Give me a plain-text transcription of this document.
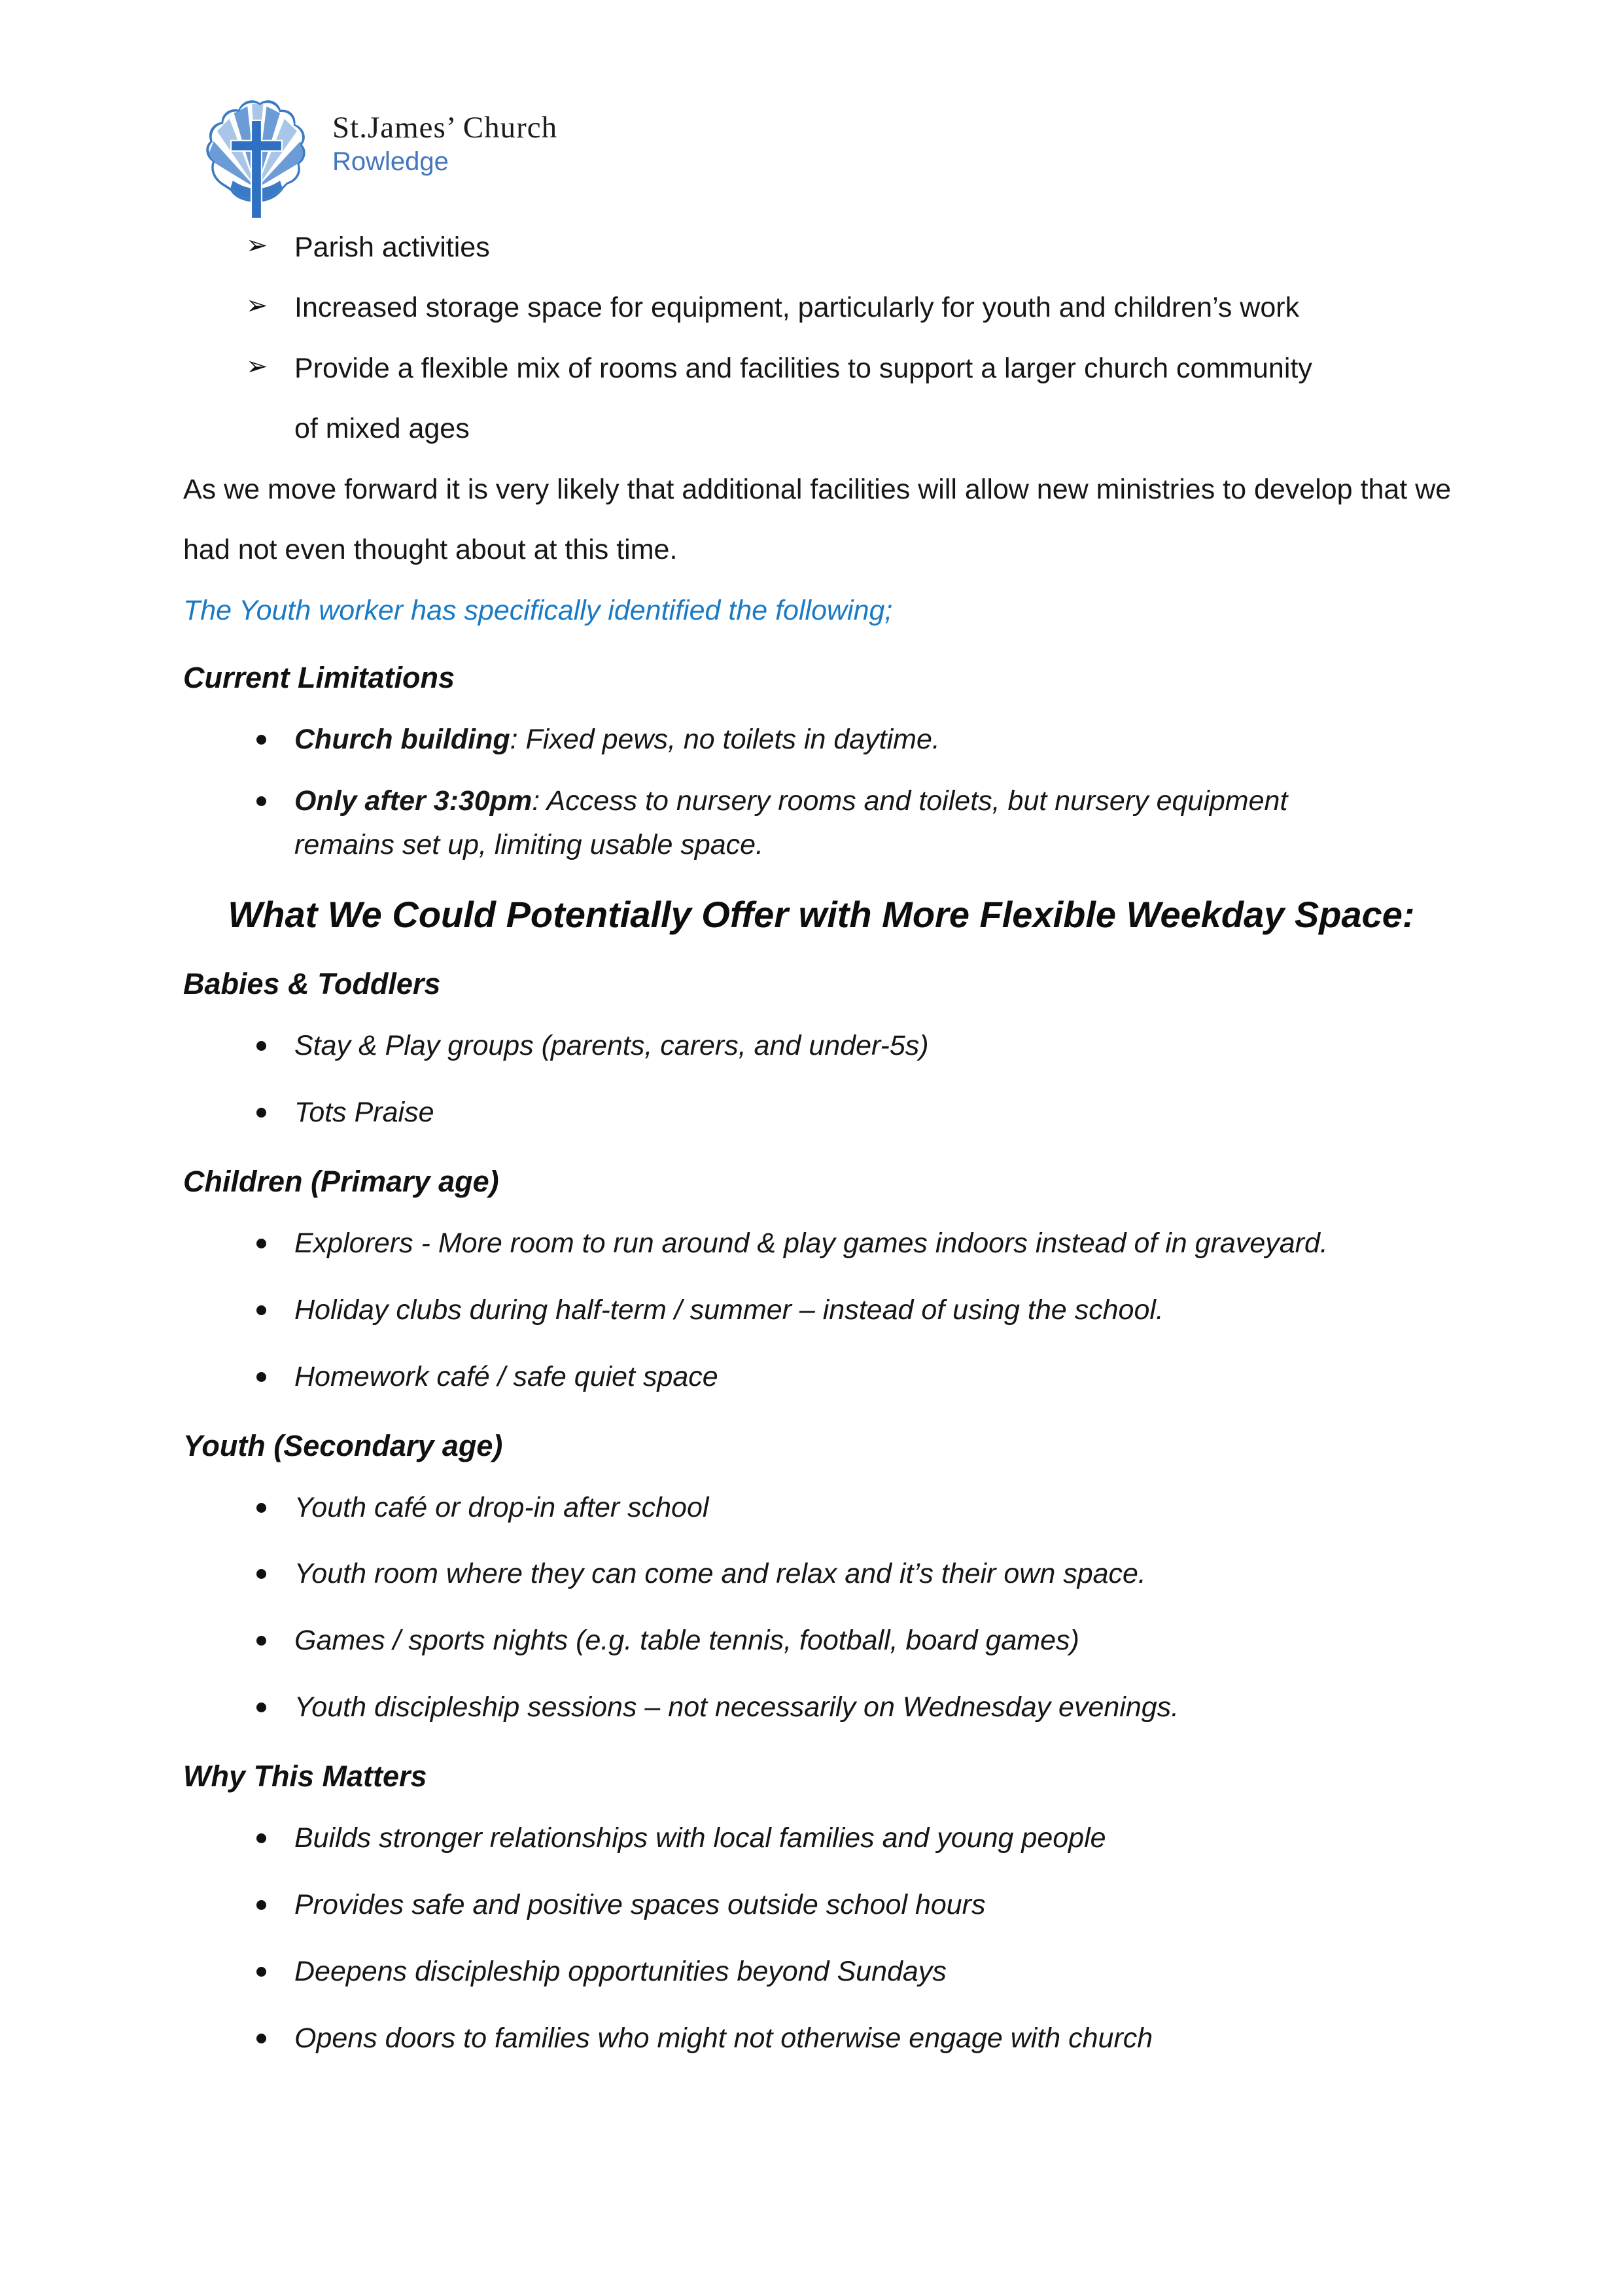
St.James’ Church
Rowledge
➢ Parish activities
➢ Increased storage space for equipment, particularly for youth and children’s work
➢ Provide a flexible mix of rooms and facilities to support a larger church community of mixed ages

As we move forward it is very likely that additional facilities will allow new ministries to develop that we had not even thought about at this time.

The Youth worker has specifically identified the following;

Current Limitations
Church building: Fixed pews, no toilets in daytime.
Only after 3:30pm: Access to nursery rooms and toilets, but nursery equipment remains set up, limiting usable space.
What We Could Potentially Offer with More Flexible Weekday Space:
Babies & Toddlers
Stay & Play groups (parents, carers, and under-5s)
Tots Praise
Children (Primary age)
Explorers - More room to run around & play games indoors instead of in graveyard.
Holiday clubs during half-term / summer – instead of using the school.
Homework café / safe quiet space
Youth (Secondary age)
Youth café or drop-in after school
Youth room where they can come and relax and it’s their own space.
Games / sports nights (e.g. table tennis, football, board games)
Youth discipleship sessions – not necessarily on Wednesday evenings.
Why This Matters
Builds stronger relationships with local families and young people
Provides safe and positive spaces outside school hours
Deepens discipleship opportunities beyond Sundays
Opens doors to families who might not otherwise engage with church
